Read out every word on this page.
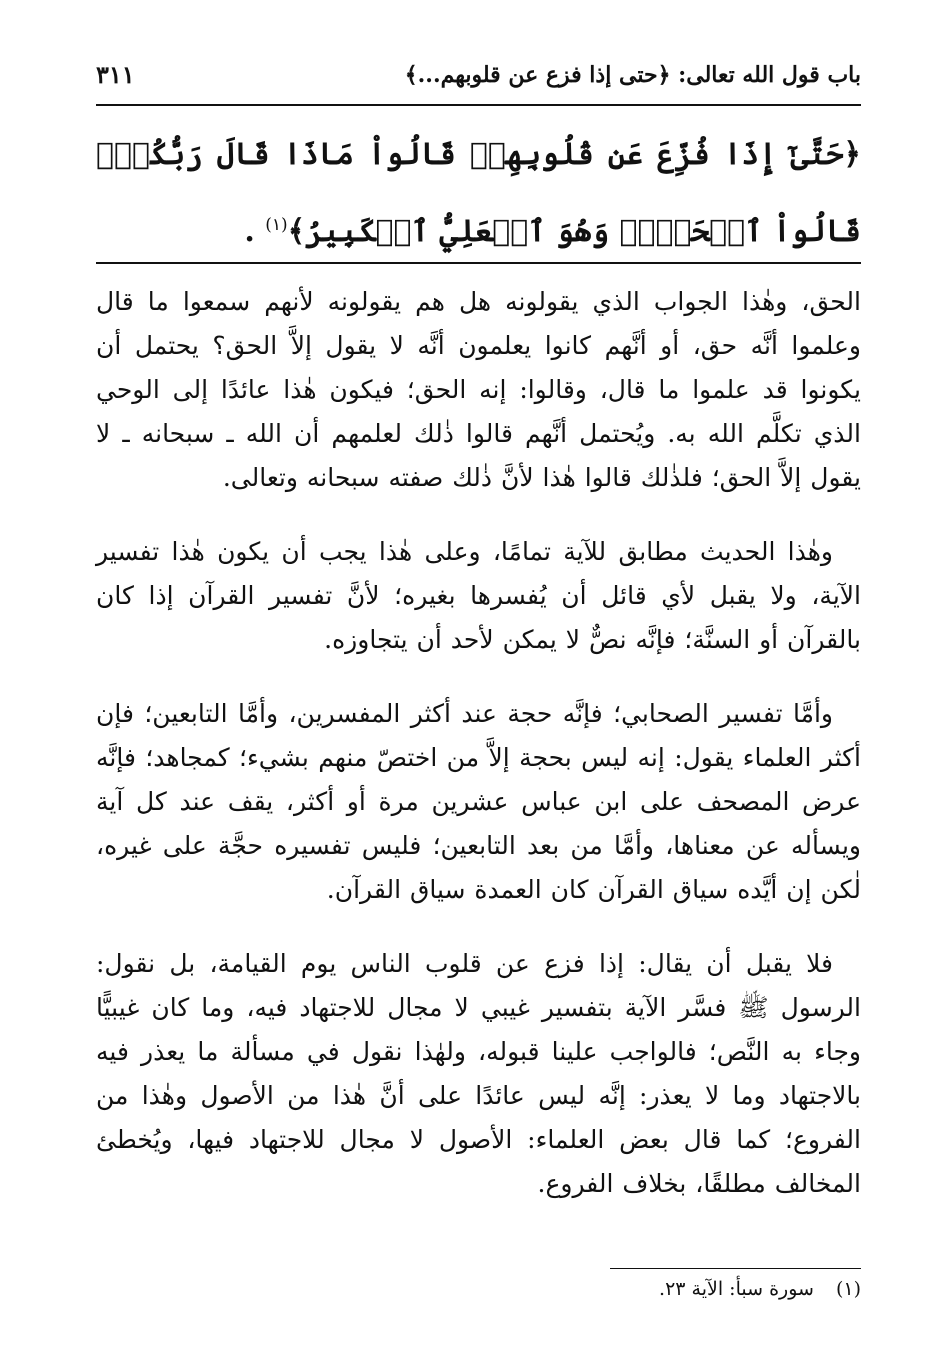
باب قول الله تعالى: ﴿حتى إذا فزع عن قلوبهم...﴾
٣١١
﴿حَتَّىٰٓ إِذَا فُزِّعَ عَن قُلُوبِهِمۡ قَالُواْ مَاذَا قَالَ رَبُّكُمۡۖ قَالُواْ ٱلۡحَقَّۖ وَهُوَ ٱلۡعَلِيُّ ٱلۡكَبِيرُ﴾$^{(١)}$ .

الحق، وهٰذا الجواب الذي يقولونه هل هم يقولونه لأنهم سمعوا ما قال وعلموا أنَّه حق، أو أنَّهم كانوا يعلمون أنَّه لا يقول إلاَّ الحق؟ يحتمل أن يكونوا قد علموا ما قال، وقالوا: إنه الحق؛ فيكون هٰذا عائدًا إلى الوحي الذي تكلَّم الله به. ويُحتمل أنَّهم قالوا ذٰلك لعلمهم أن الله ـ سبحانه ـ لا يقول إلاَّ الحق؛ فلذٰلك قالوا هٰذا لأنَّ ذٰلك صفته سبحانه وتعالى.

وهٰذا الحديث مطابق للآية تمامًا، وعلى هٰذا يجب أن يكون هٰذا تفسير الآية، ولا يقبل لأي قائل أن يُفسرها بغيره؛ لأنَّ تفسير القرآن إذا كان بالقرآن أو السنَّة؛ فإنَّه نصٌّ لا يمكن لأحد أن يتجاوزه.

وأمَّا تفسير الصحابي؛ فإنَّه حجة عند أكثر المفسرين، وأمَّا التابعين؛ فإن أكثر العلماء يقول: إنه ليس بحجة إلاَّ من اختصّ منهم بشيء؛ كمجاهد؛ فإنَّه عرض المصحف على ابن عباس عشرين مرة أو أكثر، يقف عند كل آية ويسأله عن معناها، وأمَّا من بعد التابعين؛ فليس تفسيره حجَّة على غيره، لٰكن إن أيَّده سياق القرآن كان العمدة سياق القرآن.

فلا يقبل أن يقال: إذا فزع عن قلوب الناس يوم القيامة، بل نقول: الرسول ﷺ فسَّر الآية بتفسير غيبي لا مجال للاجتهاد فيه، وما كان غيبيًّا وجاء به النَّص؛ فالواجب علينا قبوله، ولهٰذا نقول في مسألة ما يعذر فيه بالاجتهاد وما لا يعذر: إنَّه ليس عائدًا على أنَّ هٰذا من الأصول وهٰذا من الفروع؛ كما قال بعض العلماء: الأصول لا مجال للاجتهاد فيها، ويُخطئ المخالف مطلقًا، بخلاف الفروع.

(١)سورة سبأ: الآية ٢٣.
